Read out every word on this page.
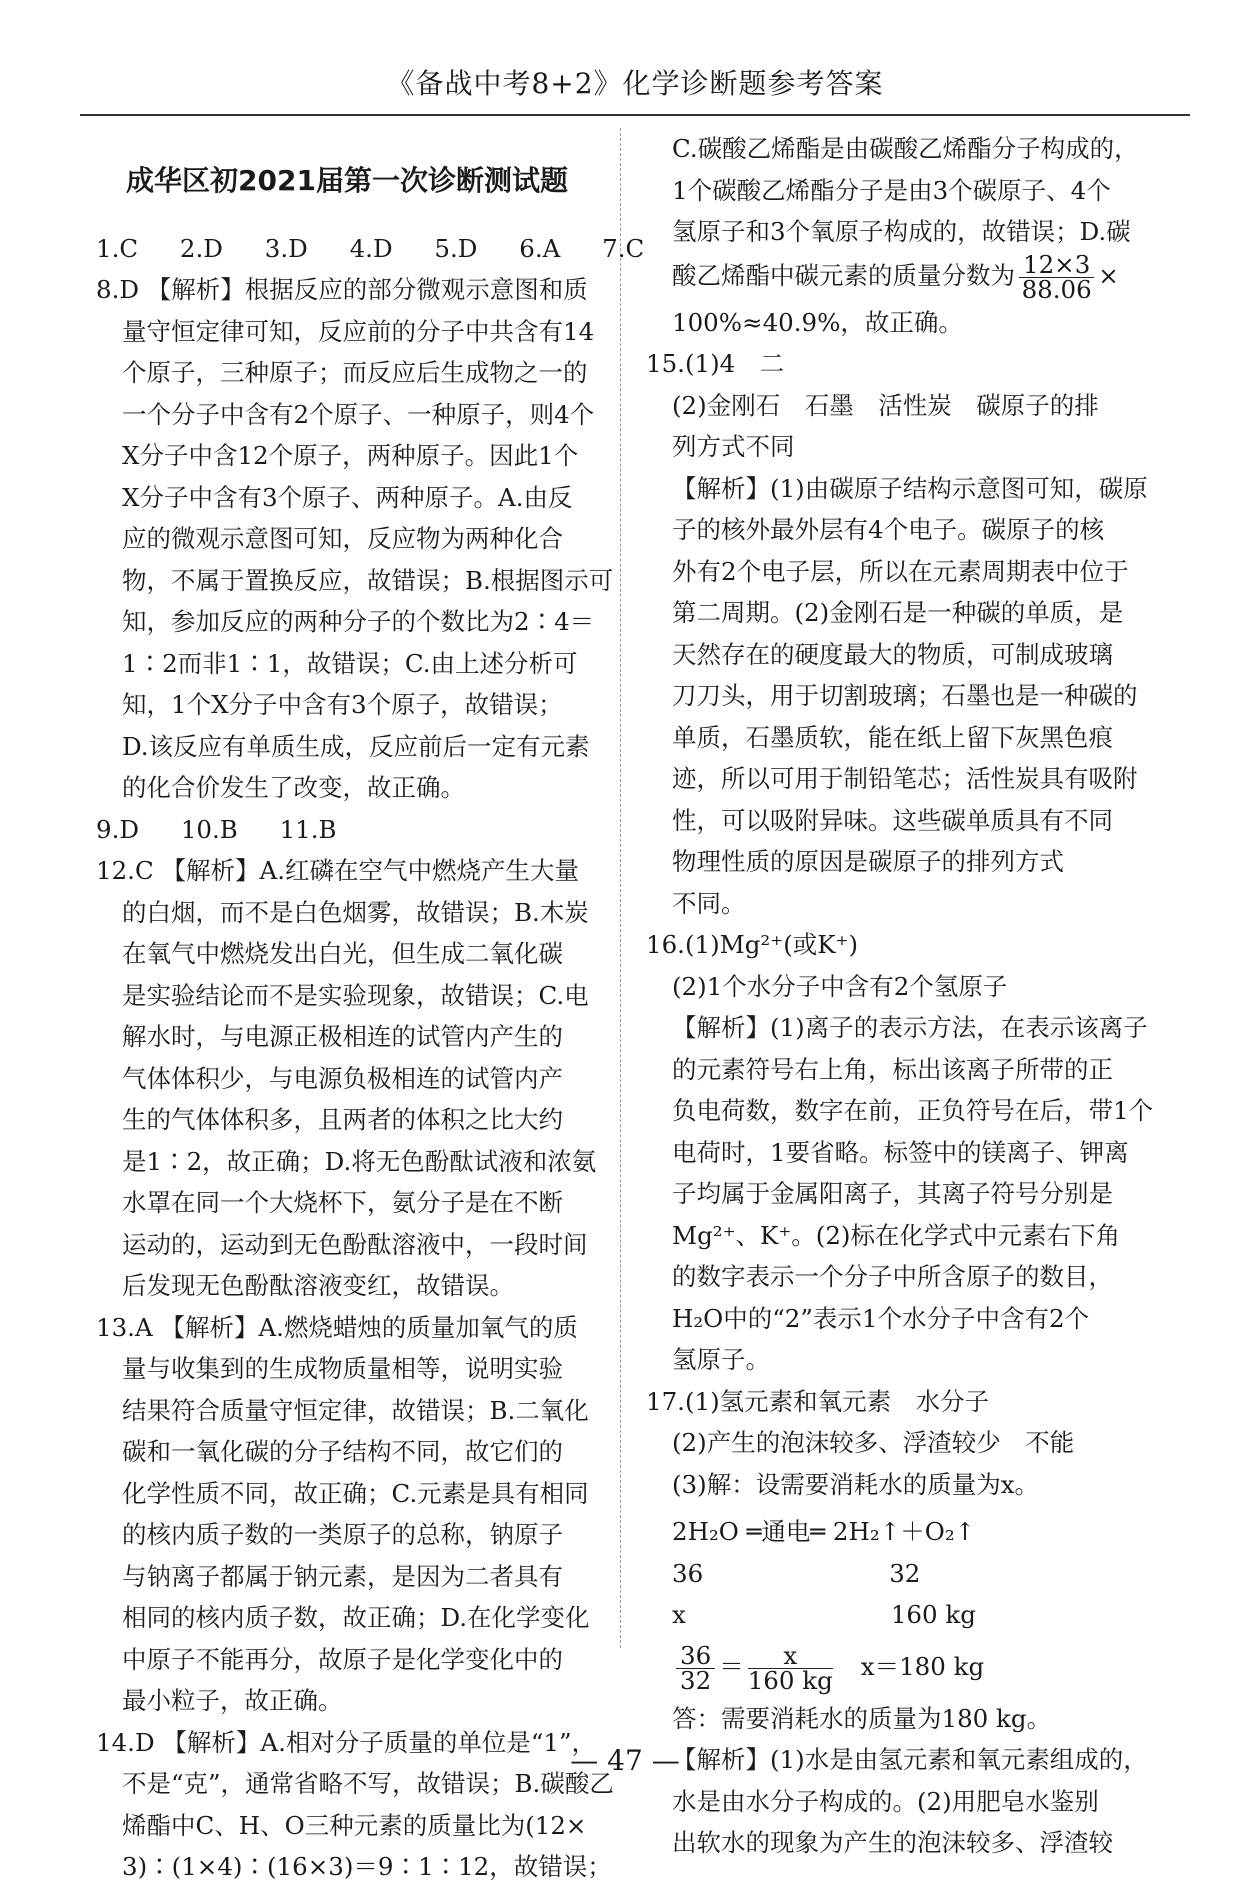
《备战中考8+2》化学诊断题参考答案
成华区初2021届第一次诊断测试题
1.C 2.D 3.D 4.D 5.D 6.A 7.C
8.D 【解析】根据反应的部分微观示意图和质
量守恒定律可知，反应前的分子中共含有14
个原子，三种原子；而反应后生成物之一的
一个分子中含有2个原子、一种原子，则4个
X分子中含12个原子，两种原子。因此1个
X分子中含有3个原子、两种原子。A.由反
应的微观示意图可知，反应物为两种化合
物，不属于置换反应，故错误；B.根据图示可
知，参加反应的两种分子的个数比为2∶4＝
1∶2而非1∶1，故错误；C.由上述分析可
知，1个X分子中含有3个原子，故错误；
D.该反应有单质生成，反应前后一定有元素
的化合价发生了改变，故正确。
9.D 10.B 11.B
12.C 【解析】A.红磷在空气中燃烧产生大量
的白烟，而不是白色烟雾，故错误；B.木炭
在氧气中燃烧发出白光，但生成二氧化碳
是实验结论而不是实验现象，故错误；C.电
解水时，与电源正极相连的试管内产生的
气体体积少，与电源负极相连的试管内产
生的气体体积多，且两者的体积之比大约
是1∶2，故正确；D.将无色酚酞试液和浓氨
水罩在同一个大烧杯下，氨分子是在不断
运动的，运动到无色酚酞溶液中，一段时间
后发现无色酚酞溶液变红，故错误。
13.A 【解析】A.燃烧蜡烛的质量加氧气的质
量与收集到的生成物质量相等，说明实验
结果符合质量守恒定律，故错误；B.二氧化
碳和一氧化碳的分子结构不同，故它们的
化学性质不同，故正确；C.元素是具有相同
的核内质子数的一类原子的总称，钠原子
与钠离子都属于钠元素，是因为二者具有
相同的核内质子数，故正确；D.在化学变化
中原子不能再分，故原子是化学变化中的
最小粒子，故正确。
14.D 【解析】A.相对分子质量的单位是“1”，
不是“克”，通常省略不写，故错误；B.碳酸乙
烯酯中C、H、O三种元素的质量比为(12×
3)∶(1×4)∶(16×3)＝9∶1∶12，故错误；
C.碳酸乙烯酯是由碳酸乙烯酯分子构成的，
1个碳酸乙烯酯分子是由3个碳原子、4个
氢原子和3个氧原子构成的，故错误；D.碳
酸乙烯酯中碳元素的质量分数为 $\frac{12\times 3}{88.06}$ ×
100%≈40.9%，故正确。
15.(1)4　二
(2)金刚石　石墨　活性炭　碳原子的排
列方式不同
【解析】(1)由碳原子结构示意图可知，碳原
子的核外最外层有4个电子。碳原子的核
外有2个电子层，所以在元素周期表中位于
第二周期。(2)金刚石是一种碳的单质，是
天然存在的硬度最大的物质，可制成玻璃
刀刀头，用于切割玻璃；石墨也是一种碳的
单质，石墨质软，能在纸上留下灰黑色痕
迹，所以可用于制铅笔芯；活性炭具有吸附
性，可以吸附异味。这些碳单质具有不同
物理性质的原因是碳原子的排列方式
不同。
16.(1)Mg²⁺(或K⁺)
(2)1个水分子中含有2个氢原子
【解析】(1)离子的表示方法，在表示该离子
的元素符号右上角，标出该离子所带的正
负电荷数，数字在前，正负符号在后，带1个
电荷时，1要省略。标签中的镁离子、钾离
子均属于金属阳离子，其离子符号分别是
Mg²⁺、K⁺。(2)标在化学式中元素右下角
的数字表示一个分子中所含原子的数目，
H₂O中的“2”表示1个水分子中含有2个
氢原子。
17.(1)氢元素和氧元素　水分子
(2)产生的泡沫较多、浮渣较少　不能
(3)解：设需要消耗水的质量为x。
2H₂O ═通电═ 2H₂↑＋O₂↑
36	32
x	160 kg
$\frac{36}{32} = \frac{x}{160 kg} x=180$ kg
答：需要消耗水的质量为180 kg。
【解析】(1)水是由氢元素和氧元素组成的，
水是由水分子构成的。(2)用肥皂水鉴别
出软水的现象为产生的泡沫较多、浮渣较
— 47 —
